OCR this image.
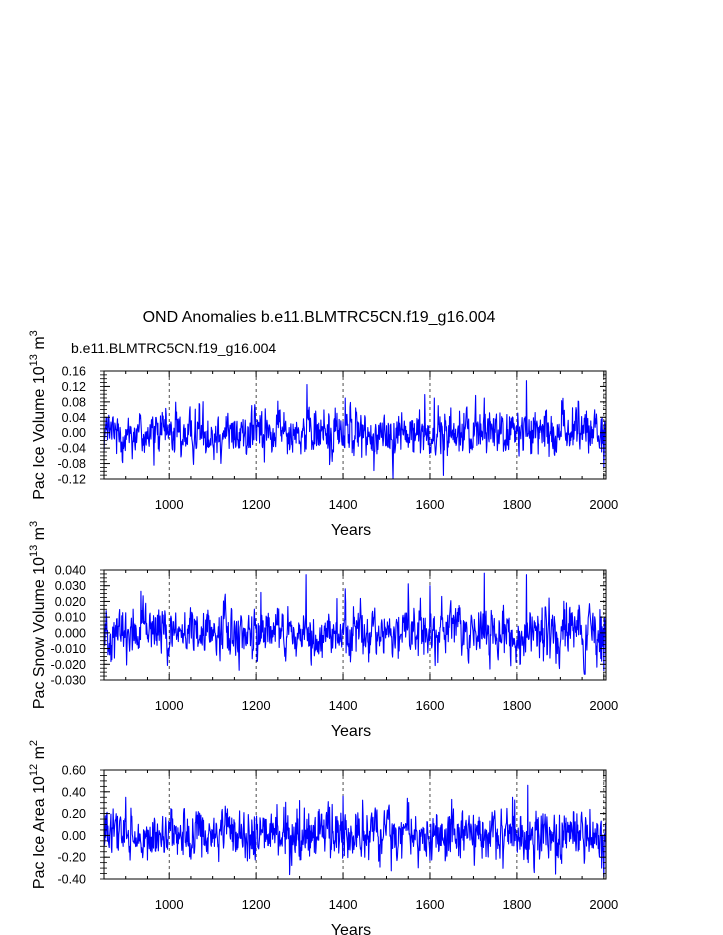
OND Anomalies b.e11.BLMTRC5CN.f19_g16.004
b.e11.BLMTRC5CN.f19_g16.004
1000	1200	1400	1600	1800	2000
-0.12
-0.08
-0.04
0.00
0.04
0.08
0.12
0.16
Years
Pac Ice Volume $10^{13}$ $m^3$
1000	1200	1400	1600	1800	2000
-0.030
-0.020
-0.010
0.000
0.010
0.020
0.030
0.040
Years
Pac Snow Volume $10^{13}$ $m^3$
1000	1200	1400	1600	1800	2000
-0.40
-0.20
0.00
0.20
0.40
0.60
Years
Pac Ice Area $10^{12}$ $m^2$
